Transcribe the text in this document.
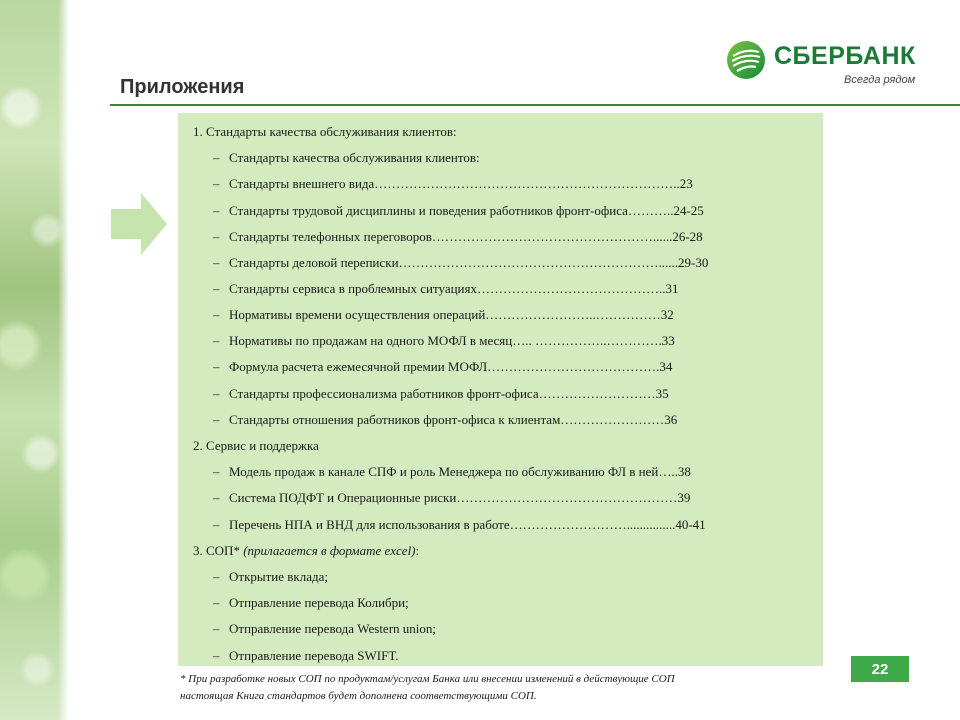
СБЕРБАНК
Всегда рядом
Приложения
1. Стандарты качества обслуживания клиентов:
– Стандарты качества обслуживания клиентов:
– Стандарты внешнего вида……………………………………………………………..23
– Стандарты трудовой дисциплины и поведения работников фронт-офиса………..24-25
– Стандарты телефонных переговоров……………………………………………......26-28
– Стандарты деловой переписки……………………………………………………......29-30
– Стандарты сервиса в проблемных ситуациях……………………………………..31
– Нормативы времени осуществления операций……………………..……………32
– Нормативы по продажам на одного МОФЛ в месяц….. ……………..………….33
– Формула расчета ежемесячной премии МОФЛ………………………………….34
– Стандарты профессионализма работников фронт-офиса………………………35
– Стандарты отношения работников фронт-офиса к клиентам……………………36
2. Сервис и поддержка
– Модель продаж в канале СПФ и роль Менеджера по обслуживанию ФЛ в ней…..38
– Система ПОДФТ и Операционные риски……………………………………………39
– Перечень НПА и ВНД для использования в работе………………………...............40-41
3. СОП* (прилагается в формате excel):
– Открытие вклада;
– Отправление перевода Колибри;
– Отправление перевода Western union;
– Отправление перевода SWIFT.
* При разработке новых СОП по продуктам/услугам Банка или внесении изменений в действующие СОП
настоящая Книга стандартов будет дополнена соответствующими СОП.
22
